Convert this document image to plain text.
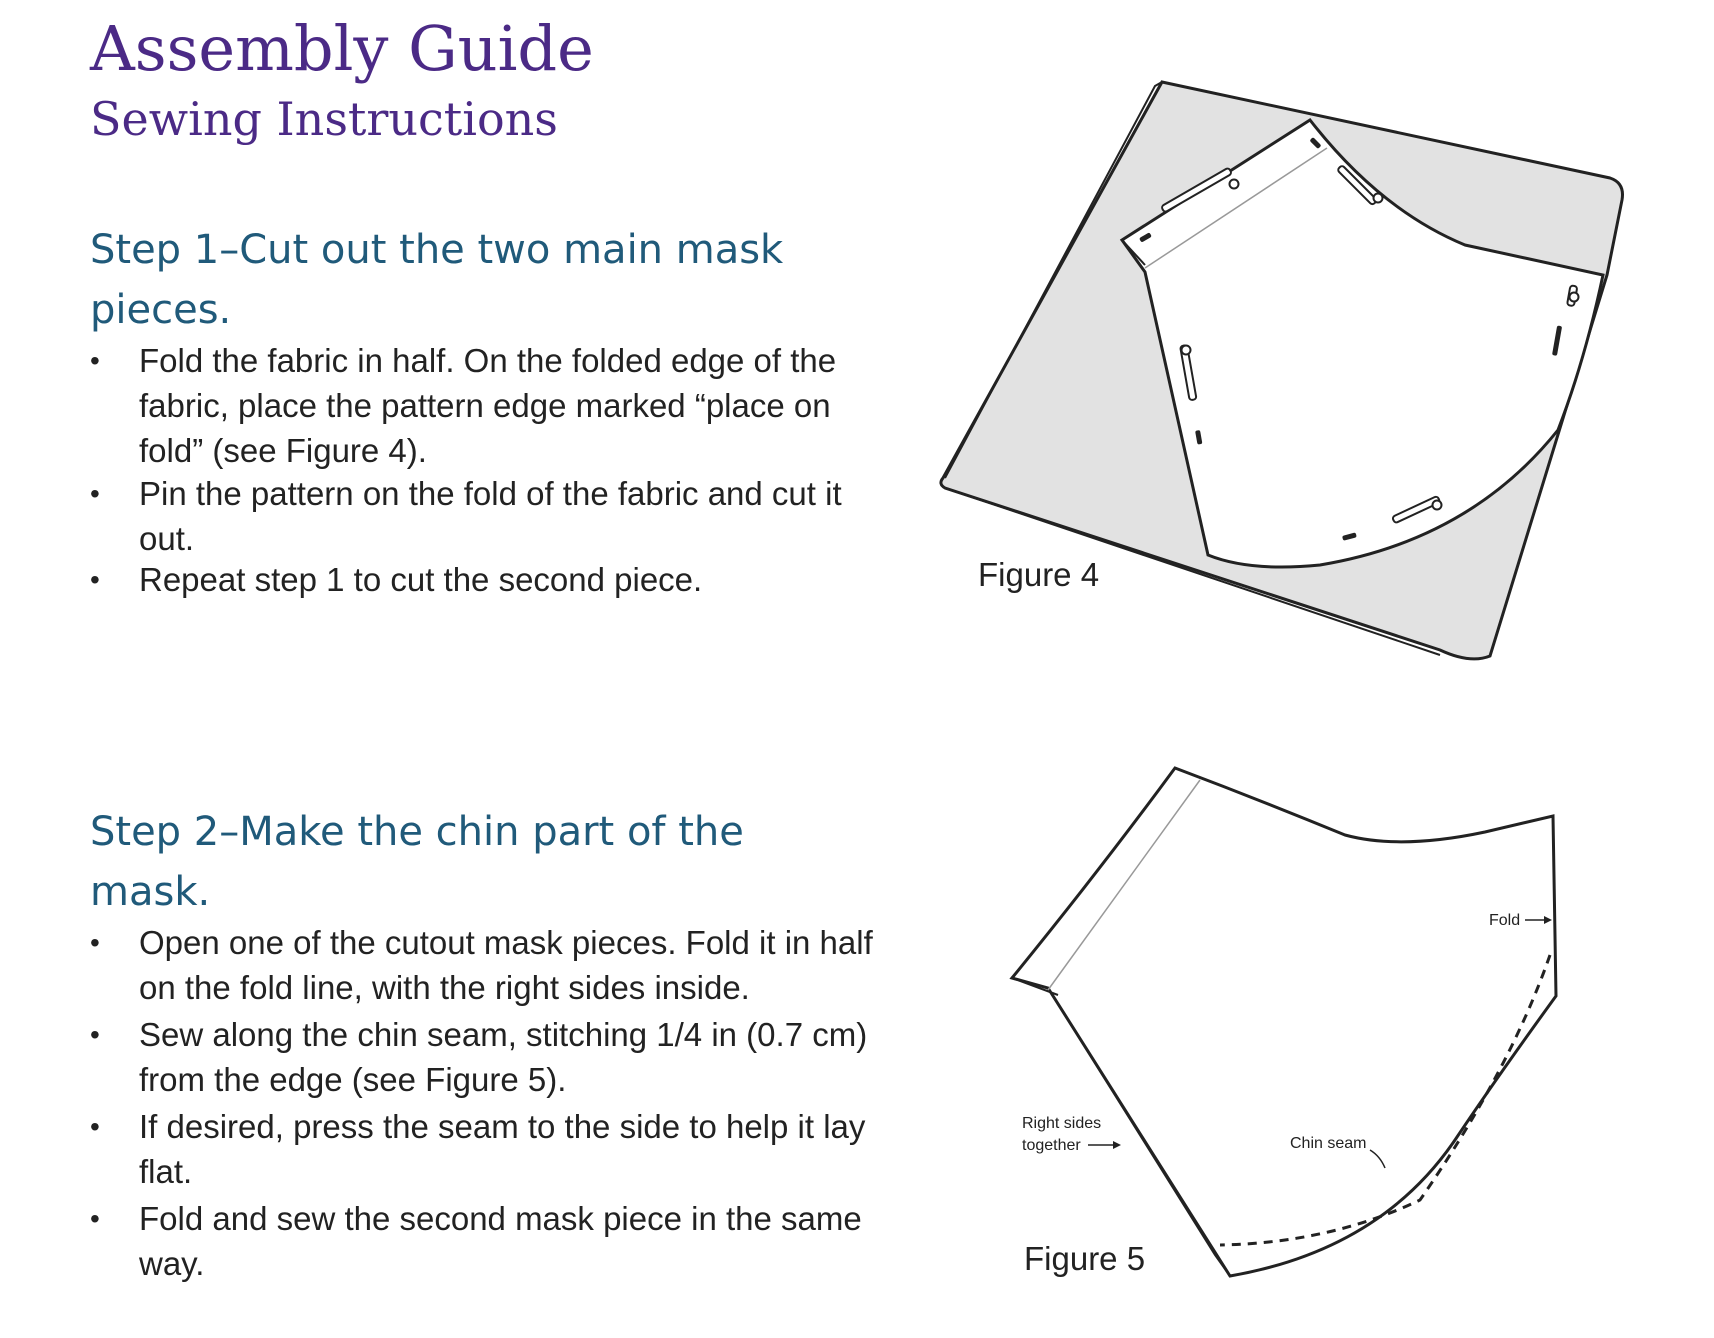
Assembly Guide
Sewing Instructions
Step 1–Cut out the two main mask pieces.
• Fold the fabric in half. On the folded edge of the fabric, place the pattern edge marked “place on fold” (see Figure 4).
• Pin the pattern on the fold of the fabric and cut it out.
• Repeat step 1 to cut the second piece.
Step 2–Make the chin part of the mask.
• Open one of the cutout mask pieces. Fold it in half on the fold line, with the right sides inside.
• Sew along the chin seam, stitching 1/4 in (0.7 cm) from the edge (see Figure 5).
• If desired, press the seam to the side to help it lay flat.
• Fold and sew the second mask piece in the same way.
Figure 4
Fold
Chin seam
Right sides
together
Figure 5
